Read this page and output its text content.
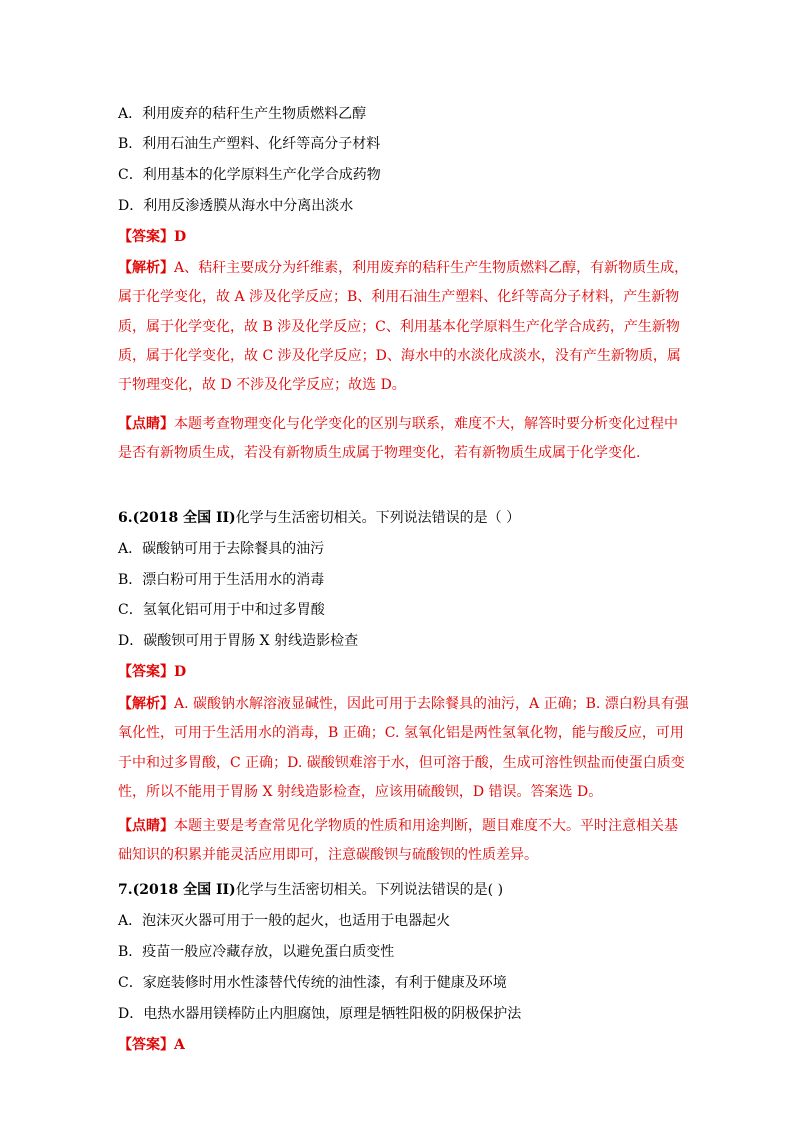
A．利用废弃的秸秆生产生物质燃料乙醇
B．利用石油生产塑料、化纤等高分子材料
C．利用基本的化学原料生产化学合成药物
D．利用反渗透膜从海水中分离出淡水
【答案】D
【解析】A、秸秆主要成分为纤维素，利用废弃的秸秆生产生物质燃料乙醇，有新物质生成，属于化学变化，故 A 涉及化学反应；B、利用石油生产塑料、化纤等高分子材料，产生新物质，属于化学变化，故 B 涉及化学反应；C、利用基本化学原料生产化学合成药，产生新物质，属于化学变化，故 C 涉及化学反应；D、海水中的水淡化成淡水，没有产生新物质，属于物理变化，故 D 不涉及化学反应；故选 D。
【点睛】本题考查物理变化与化学变化的区别与联系，难度不大，解答时要分析变化过程中是否有新物质生成，若没有新物质生成属于物理变化，若有新物质生成属于化学变化.
6.(2018 全国 II)化学与生活密切相关。下列说法错误的是（ ）
A．碳酸钠可用于去除餐具的油污
B．漂白粉可用于生活用水的消毒
C．氢氧化铝可用于中和过多胃酸
D．碳酸钡可用于胃肠 X 射线造影检查
【答案】D
【解析】A. 碳酸钠水解溶液显碱性，因此可用于去除餐具的油污，A 正确；B. 漂白粉具有强氧化性，可用于生活用水的消毒，B 正确；C. 氢氧化铝是两性氢氧化物，能与酸反应，可用于中和过多胃酸，C 正确；D. 碳酸钡难溶于水，但可溶于酸，生成可溶性钡盐而使蛋白质变性，所以不能用于胃肠 X 射线造影检查，应该用硫酸钡，D 错误。答案选 D。
【点睛】本题主要是考查常见化学物质的性质和用途判断，题目难度不大。平时注意相关基础知识的积累并能灵活应用即可，注意碳酸钡与硫酸钡的性质差异。
7.(2018 全国 II)化学与生活密切相关。下列说法错误的是( )
A．泡沫灭火器可用于一般的起火，也适用于电器起火
B．疫苗一般应冷藏存放，以避免蛋白质变性
C．家庭装修时用水性漆替代传统的油性漆，有利于健康及环境
D．电热水器用镁棒防止内胆腐蚀，原理是牺牲阳极的阴极保护法
【答案】A
